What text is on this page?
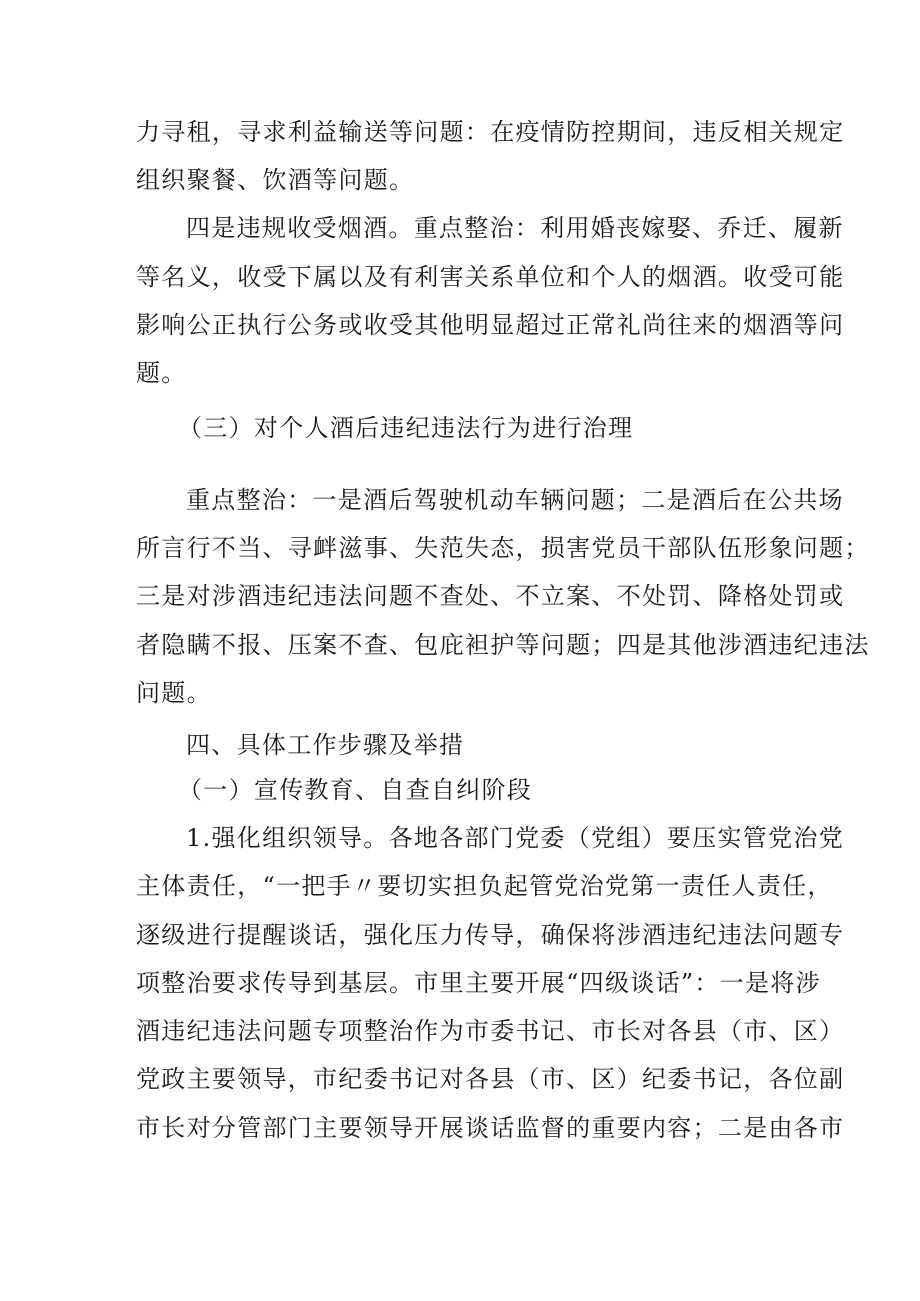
力寻租，寻求利益输送等问题：在疫情防控期间，违反相关规定
组织聚餐、饮酒等问题。
四是违规收受烟酒。重点整治：利用婚丧嫁娶、乔迁、履新
等名义，收受下属以及有利害关系单位和个人的烟酒。收受可能
影响公正执行公务或收受其他明显超过正常礼尚往来的烟酒等问
题。
（三）对个人酒后违纪违法行为进行治理
重点整治：一是酒后驾驶机动车辆问题；二是酒后在公共场
所言行不当、寻衅滋事、失范失态，损害党员干部队伍形象问题；
三是对涉酒违纪违法问题不查处、不立案、不处罚、降格处罚或
者隐瞒不报、压案不查、包庇袒护等问题；四是其他涉酒违纪违法
问题。
四、具体工作步骤及举措
（一）宣传教育、自查自纠阶段
1.强化组织领导。各地各部门党委（党组）要压实管党治党
主体责任，“一把手〃要切实担负起管党治党第一责任人责任，
逐级进行提醒谈话，强化压力传导，确保将涉酒违纪违法问题专
项整治要求传导到基层。市里主要开展“四级谈话”：一是将涉
酒违纪违法问题专项整治作为市委书记、市长对各县（市、区）
党政主要领导，市纪委书记对各县（市、区）纪委书记，各位副
市长对分管部门主要领导开展谈话监督的重要内容；二是由各市
